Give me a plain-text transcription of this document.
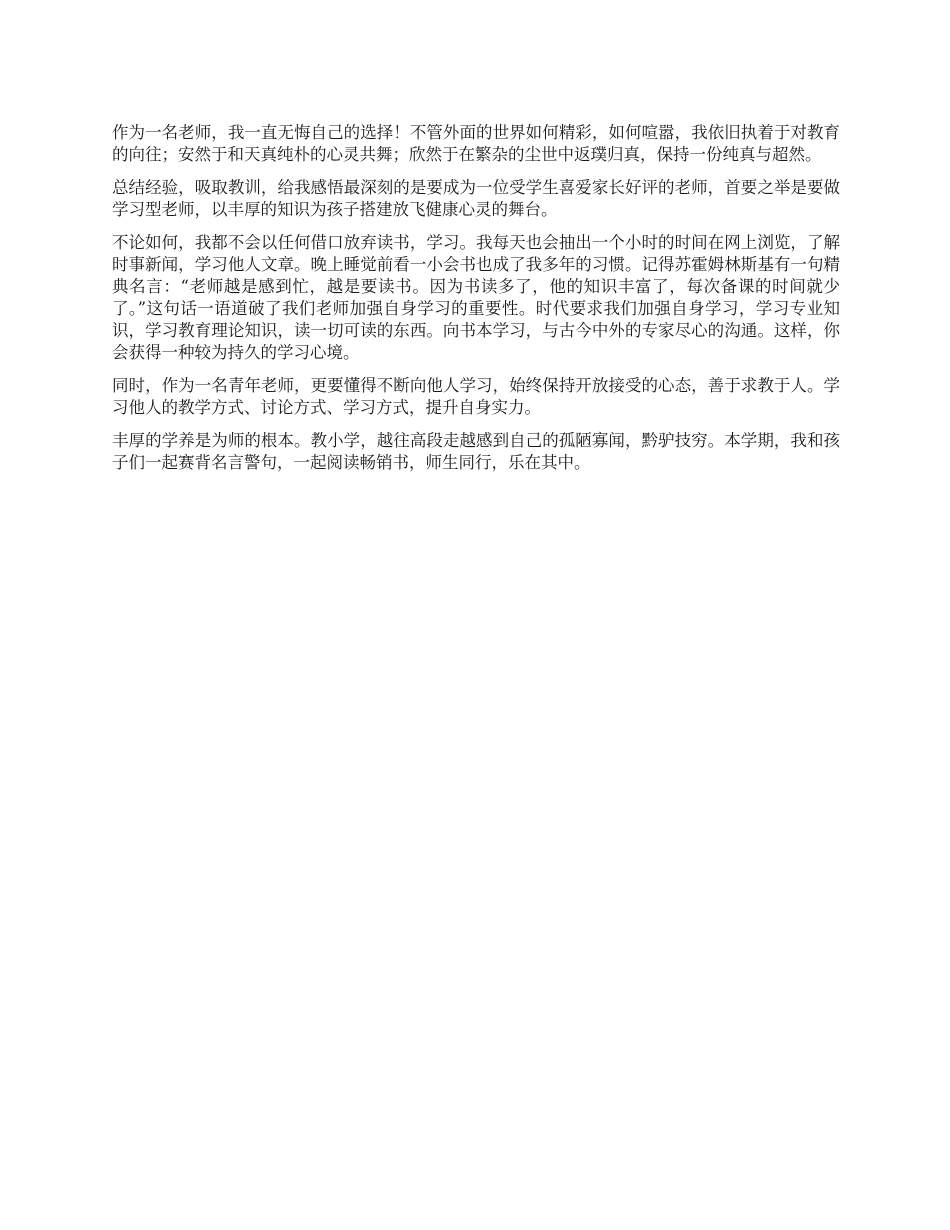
作为一名老师，我一直无悔自己的选择！不管外面的世界如何精彩，如何喧嚣，我依旧执着于对教育的向往；安然于和天真纯朴的心灵共舞；欣然于在繁杂的尘世中返璞归真，保持一份纯真与超然。

总结经验，吸取教训，给我感悟最深刻的是要成为一位受学生喜爱家长好评的老师，首要之举是要做学习型老师，以丰厚的知识为孩子搭建放飞健康心灵的舞台。

不论如何，我都不会以任何借口放弃读书，学习。我每天也会抽出一个小时的时间在网上浏览，了解时事新闻，学习他人文章。晚上睡觉前看一小会书也成了我多年的习惯。记得苏霍姆林斯基有一句精典名言：“老师越是感到忙，越是要读书。因为书读多了，他的知识丰富了，每次备课的时间就少了。”这句话一语道破了我们老师加强自身学习的重要性。时代要求我们加强自身学习，学习专业知识，学习教育理论知识，读一切可读的东西。向书本学习，与古今中外的专家尽心的沟通。这样，你会获得一种较为持久的学习心境。

同时，作为一名青年老师，更要懂得不断向他人学习，始终保持开放接受的心态，善于求教于人。学习他人的教学方式、讨论方式、学习方式，提升自身实力。

丰厚的学养是为师的根本。教小学，越往高段走越感到自己的孤陋寡闻，黔驴技穷。本学期，我和孩子们一起赛背名言警句，一起阅读畅销书，师生同行，乐在其中。
